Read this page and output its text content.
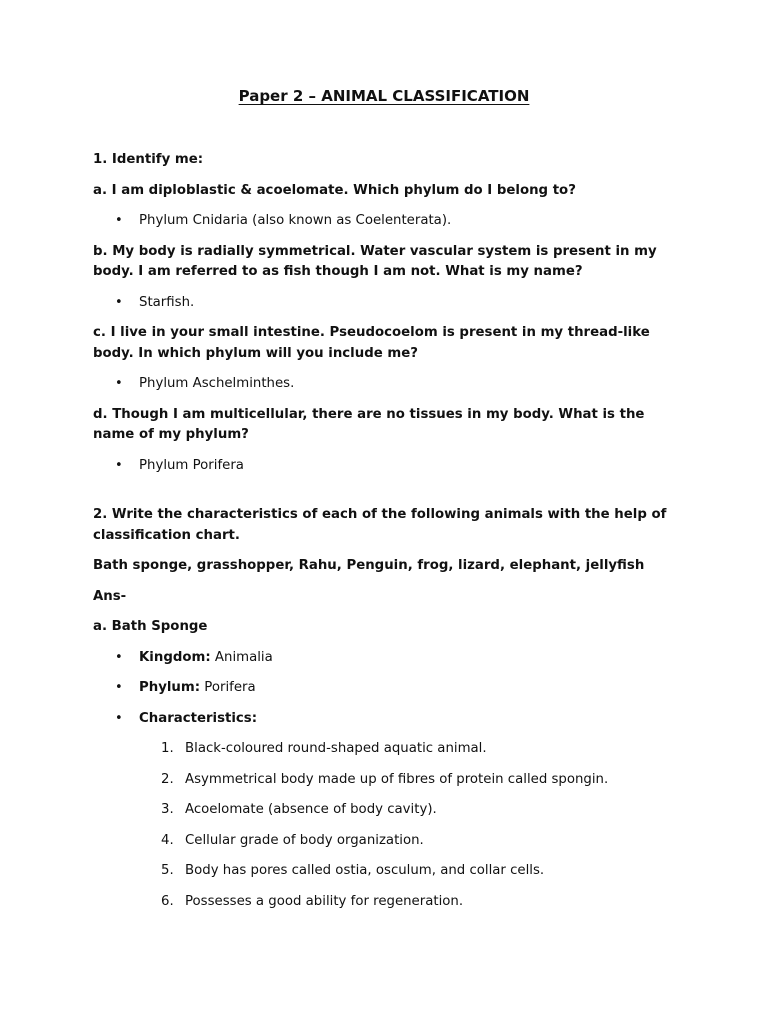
Paper 2 – ANIMAL CLASSIFICATION

1. Identify me:

a. I am diploblastic & acoelomate. Which phylum do I belong to?

• Phylum Cnidaria (also known as Coelenterata).

b. My body is radially symmetrical. Water vascular system is present in my body. I am referred to as fish though I am not. What is my name?

• Starfish.

c. I live in your small intestine. Pseudocoelom is present in my thread-like body. In which phylum will you include me?

• Phylum Aschelminthes.

d. Though I am multicellular, there are no tissues in my body. What is the name of my phylum?

• Phylum Porifera

2. Write the characteristics of each of the following animals with the help of classification chart.

Bath sponge, grasshopper, Rahu, Penguin, frog, lizard, elephant, jellyfish

Ans-

a. Bath Sponge

• Kingdom: Animalia
• Phylum: Porifera
• Characteristics:
1. Black-coloured round-shaped aquatic animal.
2. Asymmetrical body made up of fibres of protein called spongin.
3. Acoelomate (absence of body cavity).
4. Cellular grade of body organization.
5. Body has pores called ostia, osculum, and collar cells.
6. Possesses a good ability for regeneration.
